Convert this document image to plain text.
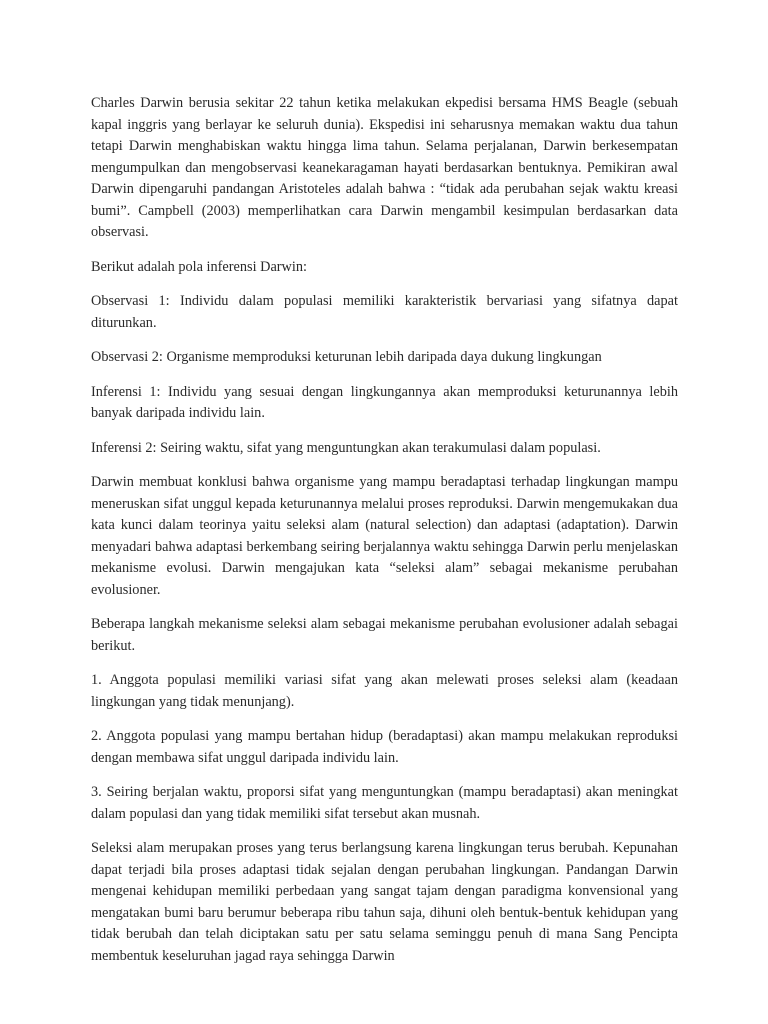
Charles Darwin berusia sekitar 22 tahun ketika melakukan ekpedisi bersama HMS Beagle (sebuah kapal inggris yang berlayar ke seluruh dunia). Ekspedisi ini seharusnya memakan waktu dua tahun tetapi Darwin menghabiskan waktu hingga lima tahun. Selama perjalanan, Darwin berkesempatan mengumpulkan dan mengobservasi keanekaragaman hayati berdasarkan bentuknya. Pemikiran awal Darwin dipengaruhi pandangan Aristoteles adalah bahwa : “tidak ada perubahan sejak waktu kreasi bumi”. Campbell (2003) memperlihatkan cara Darwin mengambil kesimpulan berdasarkan data observasi.

Berikut adalah pola inferensi Darwin:

Observasi 1: Individu dalam populasi memiliki karakteristik bervariasi yang sifatnya dapat diturunkan.

Observasi 2: Organisme memproduksi keturunan lebih daripada daya dukung lingkungan

Inferensi 1: Individu yang sesuai dengan lingkungannya akan memproduksi keturunannya lebih banyak daripada individu lain.

Inferensi 2: Seiring waktu, sifat yang menguntungkan akan terakumulasi dalam populasi.

Darwin membuat konklusi bahwa organisme yang mampu beradaptasi terhadap lingkungan mampu meneruskan sifat unggul kepada keturunannya melalui proses reproduksi. Darwin mengemukakan dua kata kunci dalam teorinya yaitu seleksi alam (natural selection) dan adaptasi (adaptation). Darwin menyadari bahwa adaptasi berkembang seiring berjalannya waktu sehingga Darwin perlu menjelaskan mekanisme evolusi. Darwin mengajukan kata “seleksi alam” sebagai mekanisme perubahan evolusioner.

Beberapa langkah mekanisme seleksi alam sebagai mekanisme perubahan evolusioner adalah sebagai berikut.

1. Anggota populasi memiliki variasi sifat yang akan melewati proses seleksi alam (keadaan lingkungan yang tidak menunjang).

2. Anggota populasi yang mampu bertahan hidup (beradaptasi) akan mampu melakukan reproduksi dengan membawa sifat unggul daripada individu lain.

3. Seiring berjalan waktu, proporsi sifat yang menguntungkan (mampu beradaptasi) akan meningkat dalam populasi dan yang tidak memiliki sifat tersebut akan musnah.

Seleksi alam merupakan proses yang terus berlangsung karena lingkungan terus berubah. Kepunahan dapat terjadi bila proses adaptasi tidak sejalan dengan perubahan lingkungan. Pandangan Darwin mengenai kehidupan memiliki perbedaan yang sangat tajam dengan paradigma konvensional yang mengatakan bumi baru berumur beberapa ribu tahun saja, dihuni oleh bentuk-bentuk kehidupan yang tidak berubah dan telah diciptakan satu per satu selama seminggu penuh di mana Sang Pencipta membentuk keseluruhan jagad raya sehingga Darwin
